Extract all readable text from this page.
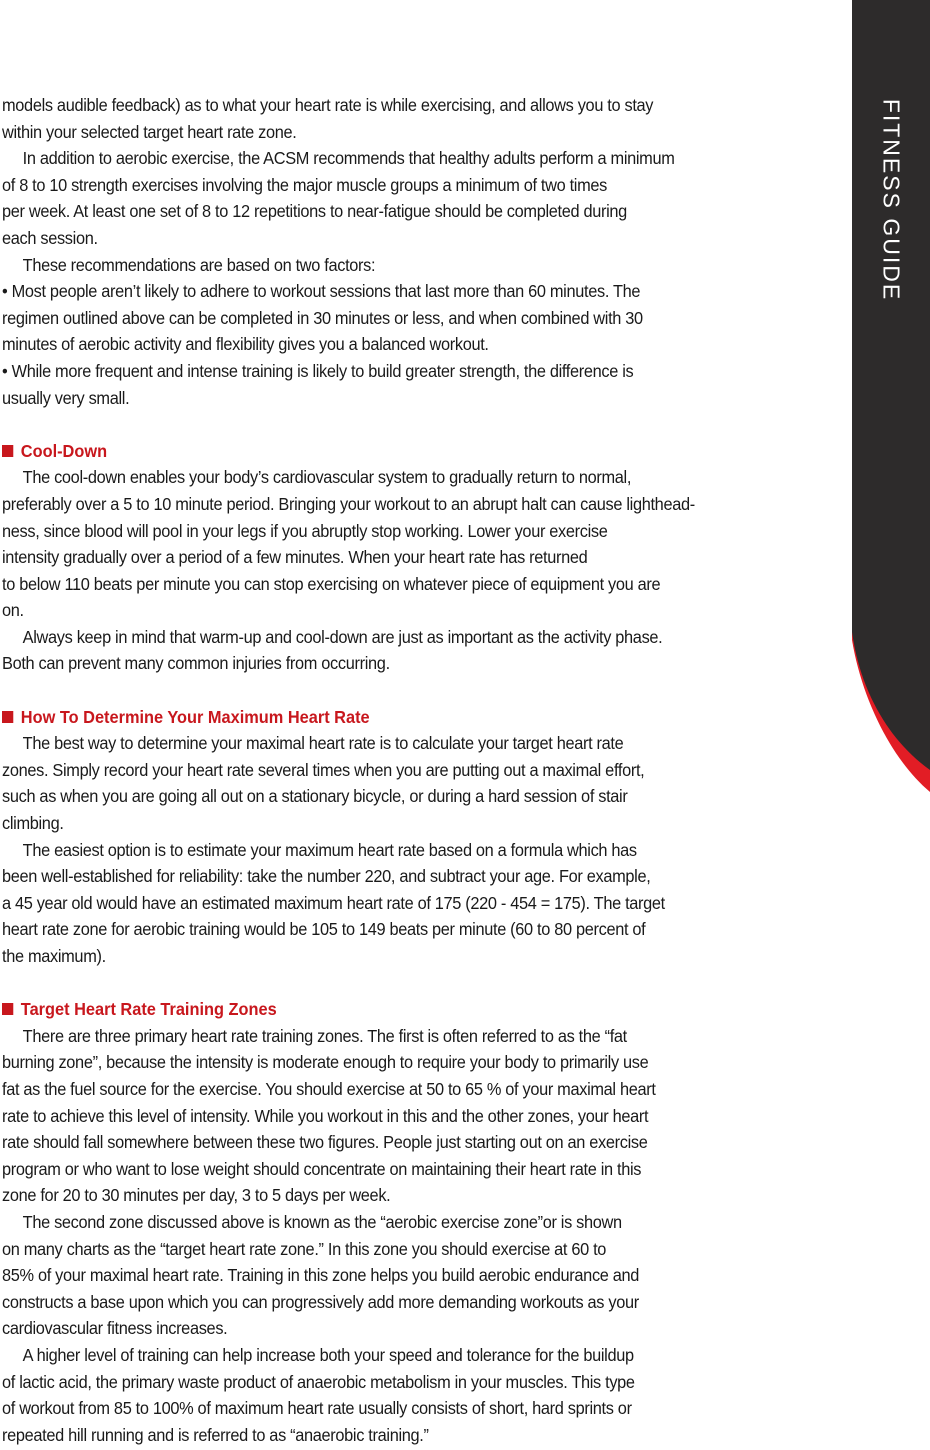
FITNESS GUIDE
models audible feedback) as to what your heart rate is while exercising, and allows you to stay
within your selected target heart rate zone.
In addition to aerobic exercise, the ACSM recommends that healthy adults perform a minimum
of 8 to 10 strength exercises involving the major muscle groups a minimum of two times
per week. At least one set of 8 to 12 repetitions to near-fatigue should be completed during
each session.
These recommendations are based on two factors:
• Most people aren’t likely to adhere to workout sessions that last more than 60 minutes. The
regimen outlined above can be completed in 30 minutes or less, and when combined with 30
minutes of aerobic activity and flexibility gives you a balanced workout.
• While more frequent and intense training is likely to build greater strength, the difference is
usually very small.
Cool-Down
The cool-down enables your body’s cardiovascular system to gradually return to normal,
preferably over a 5 to 10 minute period. Bringing your workout to an abrupt halt can cause lighthead-
ness, since blood will pool in your legs if you abruptly stop working. Lower your exercise
intensity gradually over a period of a few minutes. When your heart rate has returned
to below 110 beats per minute you can stop exercising on whatever piece of equipment you are
on.
Always keep in mind that warm-up and cool-down are just as important as the activity phase.
Both can prevent many common injuries from occurring.
How To Determine Your Maximum Heart Rate
The best way to determine your maximal heart rate is to calculate your target heart rate
zones. Simply record your heart rate several times when you are putting out a maximal effort,
such as when you are going all out on a stationary bicycle, or during a hard session of stair
climbing.
The easiest option is to estimate your maximum heart rate based on a formula which has
been well-established for reliability: take the number 220, and subtract your age. For example,
a 45 year old would have an estimated maximum heart rate of 175 (220 - 454 = 175). The target
heart rate zone for aerobic training would be 105 to 149 beats per minute (60 to 80 percent of
the maximum).
Target Heart Rate Training Zones
There are three primary heart rate training zones. The first is often referred to as the “fat
burning zone”, because the intensity is moderate enough to require your body to primarily use
fat as the fuel source for the exercise. You should exercise at 50 to 65 % of your maximal heart
rate to achieve this level of intensity. While you workout in this and the other zones, your heart
rate should fall somewhere between these two figures. People just starting out on an exercise
program or who want to lose weight should concentrate on maintaining their heart rate in this
zone for 20 to 30 minutes per day, 3 to 5 days per week.
The second zone discussed above is known as the “aerobic exercise zone”or is shown
on many charts as the “target heart rate zone.” In this zone you should exercise at 60 to
85% of your maximal heart rate. Training in this zone helps you build aerobic endurance and
constructs a base upon which you can progressively add more demanding workouts as your
cardiovascular fitness increases.
A higher level of training can help increase both your speed and tolerance for the buildup
of lactic acid, the primary waste product of anaerobic metabolism in your muscles. This type
of workout from 85 to 100% of maximum heart rate usually consists of short, hard sprints or
repeated hill running and is referred to as “anaerobic training.”
